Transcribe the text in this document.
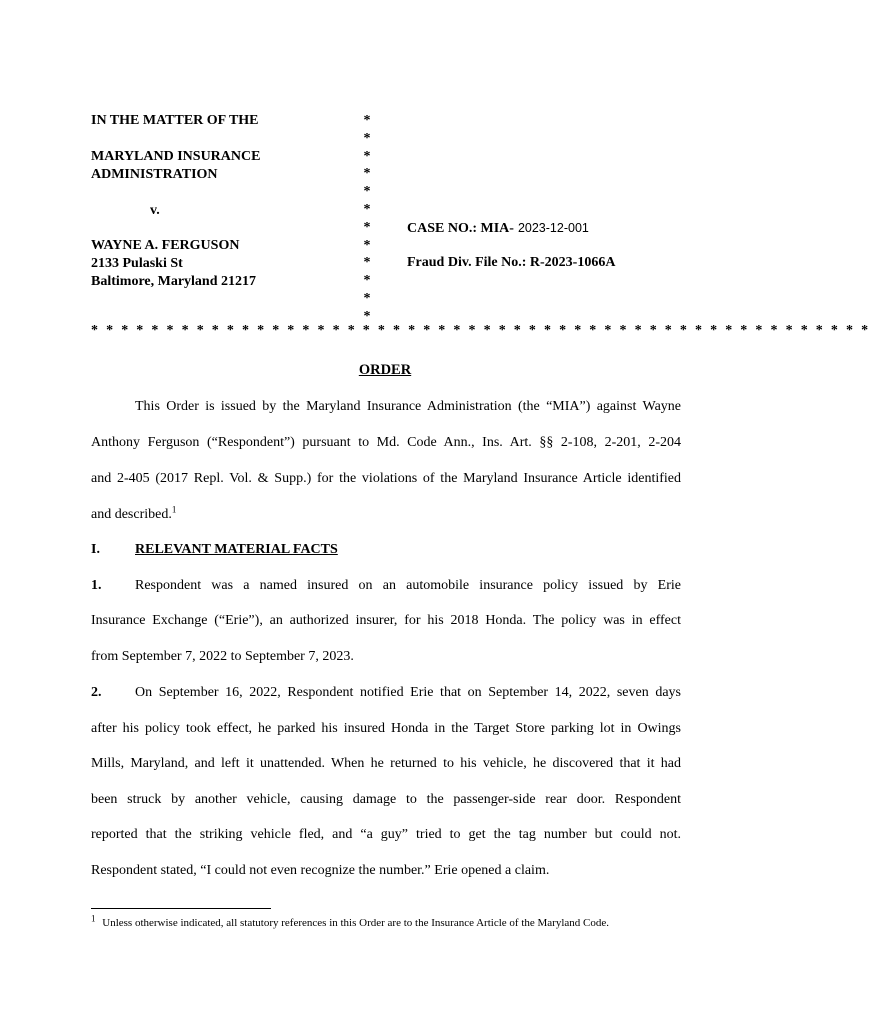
IN THE MATTER OF THE
MARYLAND INSURANCE
ADMINISTRATION
v.
WAYNE A. FERGUSON
2133 Pulaski St
Baltimore, Maryland 21217
*
*
*
*
*
*
*
*
*
*
*
*
CASE NO.: MIA- 2023-12-001
Fraud Div. File No.: R-2023-1066A
* * * * * * * * * * * * * * * * * * * * * * * * * * * * * * * * * * * * * * * * * * * * * * * * * * * *
ORDER
This Order is issued by the Maryland Insurance Administration (the “MIA”) against Wayne
Anthony Ferguson (“Respondent”) pursuant to Md. Code Ann., Ins. Art. §§ 2-108, 2-201, 2-204
and 2-405 (2017 Repl. Vol. & Supp.) for the violations of the Maryland Insurance Article identified
and described.$^1$
I.	RELEVANT MATERIAL FACTS
1. Respondent was a named insured on an automobile insurance policy issued by Erie
Insurance Exchange (“Erie”), an authorized insurer, for his 2018 Honda. The policy was in effect
from September 7, 2022 to September 7, 2023.
2. On September 16, 2022, Respondent notified Erie that on September 14, 2022, seven days
after his policy took effect, he parked his insured Honda in the Target Store parking lot in Owings
Mills, Maryland, and left it unattended. When he returned to his vehicle, he discovered that it had
been struck by another vehicle, causing damage to the passenger-side rear door. Respondent
reported that the striking vehicle fled, and “a guy” tried to get the tag number but could not.
Respondent stated, “I could not even recognize the number.” Erie opened a claim.
$^1$ Unless otherwise indicated, all statutory references in this Order are to the Insurance Article of the Maryland Code.
